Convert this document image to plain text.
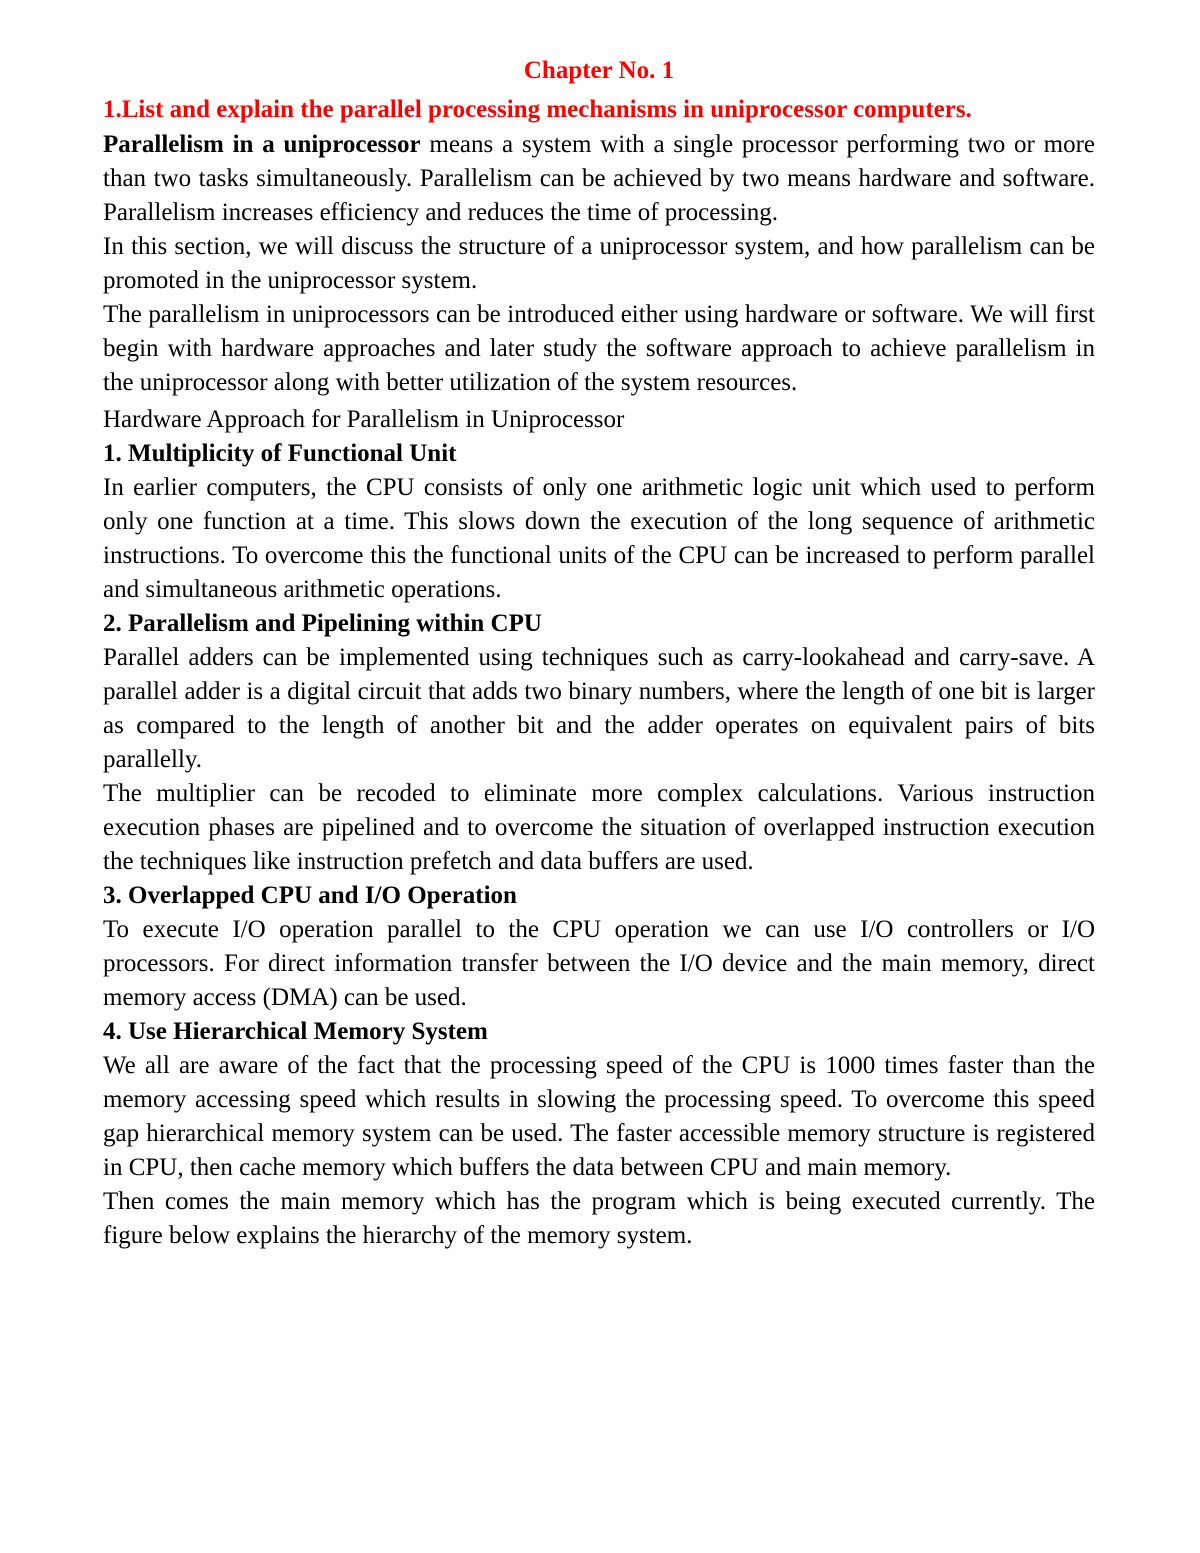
Chapter No. 1

1.List and explain the parallel processing mechanisms in uniprocessor computers.

Parallelism in a uniprocessor means a system with a single processor performing two or more than two tasks simultaneously. Parallelism can be achieved by two means hardware and software. Parallelism increases efficiency and reduces the time of processing.

In this section, we will discuss the structure of a uniprocessor system, and how parallelism can be promoted in the uniprocessor system.

The parallelism in uniprocessors can be introduced either using hardware or software. We will first begin with hardware approaches and later study the software approach to achieve parallelism in the uniprocessor along with better utilization of the system resources.

Hardware Approach for Parallelism in Uniprocessor

1. Multiplicity of Functional Unit

In earlier computers, the CPU consists of only one arithmetic logic unit which used to perform only one function at a time. This slows down the execution of the long sequence of arithmetic instructions. To overcome this the functional units of the CPU can be increased to perform parallel and simultaneous arithmetic operations.

2. Parallelism and Pipelining within CPU

Parallel adders can be implemented using techniques such as carry-lookahead and carry-save. A parallel adder is a digital circuit that adds two binary numbers, where the length of one bit is larger as compared to the length of another bit and the adder operates on equivalent pairs of bits parallelly.

The multiplier can be recoded to eliminate more complex calculations. Various instruction execution phases are pipelined and to overcome the situation of overlapped instruction execution the techniques like instruction prefetch and data buffers are used.

3. Overlapped CPU and I/O Operation

To execute I/O operation parallel to the CPU operation we can use I/O controllers or I/O processors. For direct information transfer between the I/O device and the main memory, direct memory access (DMA) can be used.

4. Use Hierarchical Memory System

We all are aware of the fact that the processing speed of the CPU is 1000 times faster than the memory accessing speed which results in slowing the processing speed. To overcome this speed gap hierarchical memory system can be used. The faster accessible memory structure is registered in CPU, then cache memory which buffers the data between CPU and main memory.

Then comes the main memory which has the program which is being executed currently. The figure below explains the hierarchy of the memory system.
